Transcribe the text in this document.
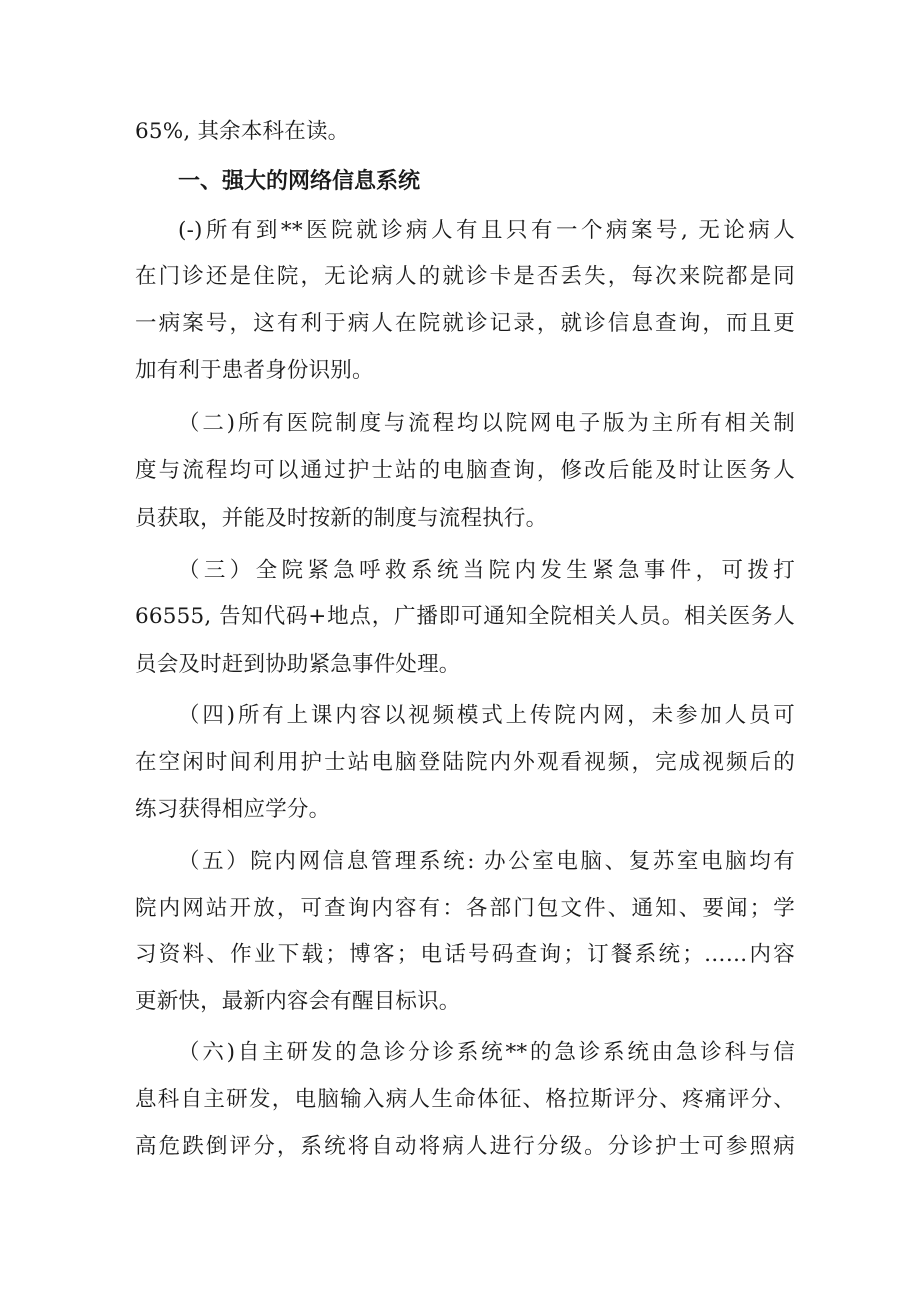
65%, 其余本科在读。
一、强大的网络信息系统
(-)所有到**医院就诊病人有且只有一个病案号, 无论病人
在门诊还是住院，无论病人的就诊卡是否丢失，每次来院都是同
一病案号，这有利于病人在院就诊记录，就诊信息查询，而且更
加有利于患者身份识别。
（二)所有医院制度与流程均以院网电子版为主所有相关制
度与流程均可以通过护士站的电脑查询，修改后能及时让医务人
员获取，并能及时按新的制度与流程执行。
（三）全院紧急呼救系统当院内发生紧急事件，可拨打
66555, 告知代码+地点，广播即可通知全院相关人员。相关医务人
员会及时赶到协助紧急事件处理。
（四)所有上课内容以视频模式上传院内网，未参加人员可
在空闲时间利用护士站电脑登陆院内外观看视频，完成视频后的
练习获得相应学分。
（五）院内网信息管理系统: 办公室电脑、复苏室电脑均有
院内网站开放，可查询内容有：各部门包文件、通知、要闻；学
习资料、作业下载；博客；电话号码查询；订餐系统；……内容
更新快，最新内容会有醒目标识。
（六)自主研发的急诊分诊系统**的急诊系统由急诊科与信
息科自主研发，电脑输入病人生命体征、格拉斯评分、疼痛评分、
高危跌倒评分，系统将自动将病人进行分级。分诊护士可参照病
